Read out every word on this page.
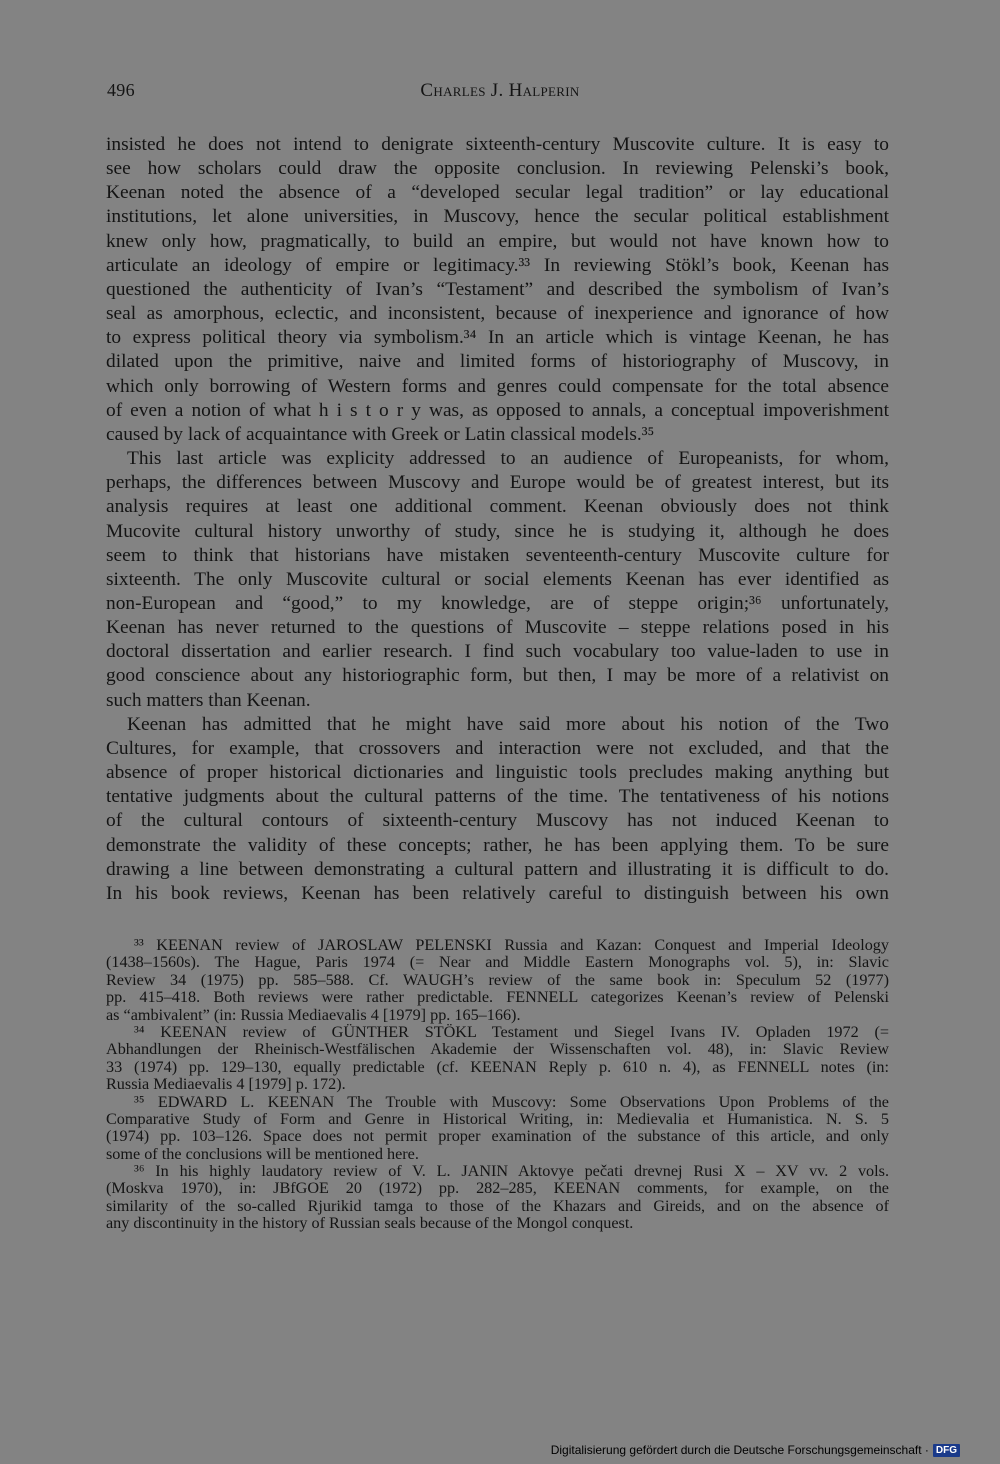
496	Charles J. Halperin

insisted he does not intend to denigrate sixteenth-century Muscovite culture. It is easy to

see how scholars could draw the opposite conclusion. In reviewing Pelenski’s book,

Keenan noted the absence of a “developed secular legal tradition” or lay educational

institutions, let alone universities, in Muscovy, hence the secular political establishment

knew only how, pragmatically, to build an empire, but would not have known how to

articulate an ideology of empire or legitimacy.³³ In reviewing Stökl’s book, Keenan has

questioned the authenticity of Ivan’s “Testament” and described the symbolism of Ivan’s

seal as amorphous, eclectic, and inconsistent, because of inexperience and ignorance of how

to express political theory via symbolism.³⁴ In an article which is vintage Keenan, he has

dilated upon the primitive, naive and limited forms of historiography of Muscovy, in

which only borrowing of Western forms and genres could compensate for the total absence

of even a notion of what h i s t o r y was, as opposed to annals, a conceptual impoverishment

caused by lack of acquaintance with Greek or Latin classical models.³⁵

This last article was explicity addressed to an audience of Europeanists, for whom,

perhaps, the differences between Muscovy and Europe would be of greatest interest, but its

analysis requires at least one additional comment. Keenan obviously does not think

Mucovite cultural history unworthy of study, since he is studying it, although he does

seem to think that historians have mistaken seventeenth-century Muscovite culture for

sixteenth. The only Muscovite cultural or social elements Keenan has ever identified as

non-European and “good,” to my knowledge, are of steppe origin;³⁶ unfortunately,

Keenan has never returned to the questions of Muscovite – steppe relations posed in his

doctoral dissertation and earlier research. I find such vocabulary too value-laden to use in

good conscience about any historiographic form, but then, I may be more of a relativist on

such matters than Keenan.

Keenan has admitted that he might have said more about his notion of the Two

Cultures, for example, that crossovers and interaction were not excluded, and that the

absence of proper historical dictionaries and linguistic tools precludes making anything but

tentative judgments about the cultural patterns of the time. The tentativeness of his notions

of the cultural contours of sixteenth-century Muscovy has not induced Keenan to

demonstrate the validity of these concepts; rather, he has been applying them. To be sure

drawing a line between demonstrating a cultural pattern and illustrating it is difficult to do.

In his book reviews, Keenan has been relatively careful to distinguish between his own

³³ KEENAN review of JAROSLAW PELENSKI Russia and Kazan: Conquest and Imperial Ideology

(1438–1560s). The Hague, Paris 1974 (= Near and Middle Eastern Monographs vol. 5), in: Slavic

Review 34 (1975) pp. 585–588. Cf. WAUGH’s review of the same book in: Speculum 52 (1977)

pp. 415–418. Both reviews were rather predictable. FENNELL categorizes Keenan’s review of Pelenski

as “ambivalent” (in: Russia Mediaevalis 4 [1979] pp. 165–166).

³⁴ KEENAN review of GÜNTHER STÖKL Testament und Siegel Ivans IV. Opladen 1972 (=

Abhandlungen der Rheinisch-Westfälischen Akademie der Wissenschaften vol. 48), in: Slavic Review

33 (1974) pp. 129–130, equally predictable (cf. KEENAN Reply p. 610 n. 4), as FENNELL notes (in:

Russia Mediaevalis 4 [1979] p. 172).

³⁵ EDWARD L. KEENAN The Trouble with Muscovy: Some Observations Upon Problems of the

Comparative Study of Form and Genre in Historical Writing, in: Medievalia et Humanistica. N. S. 5

(1974) pp. 103–126. Space does not permit proper examination of the substance of this article, and only

some of the conclusions will be mentioned here.

³⁶ In his highly laudatory review of V. L. JANIN Aktovye pečati drevnej Rusi X – XV vv. 2 vols.

(Moskva 1970), in: JBfGOE 20 (1972) pp. 282–285, KEENAN comments, for example, on the

similarity of the so-called Rjurikid tamga to those of the Khazars and Gireids, and on the absence of

any discontinuity in the history of Russian seals because of the Mongol conquest.

Digitalisierung gefördert durch die Deutsche Forschungsgemeinschaft · DFG
